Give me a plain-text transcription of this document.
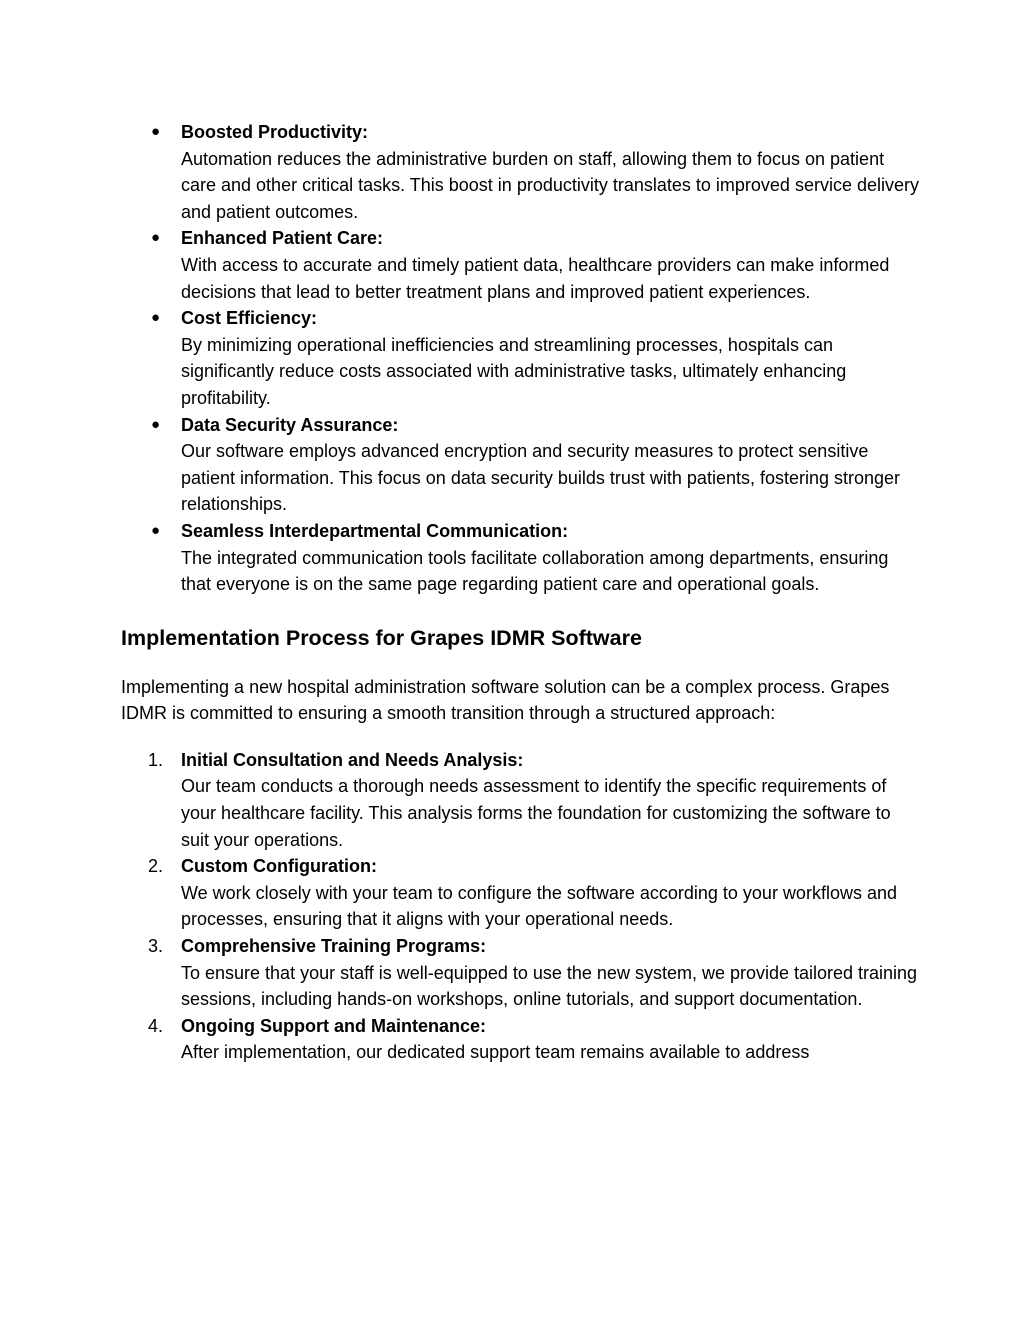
●	Boosted Productivity:
Automation reduces the administrative burden on staff, allowing them to focus on patient care and other critical tasks. This boost in productivity translates to improved service delivery and patient outcomes.
●	Enhanced Patient Care:
With access to accurate and timely patient data, healthcare providers can make informed decisions that lead to better treatment plans and improved patient experiences.
●	Cost Efficiency:
By minimizing operational inefficiencies and streamlining processes, hospitals can significantly reduce costs associated with administrative tasks, ultimately enhancing profitability.
●	Data Security Assurance:
Our software employs advanced encryption and security measures to protect sensitive patient information. This focus on data security builds trust with patients, fostering stronger relationships.
●	Seamless Interdepartmental Communication:
The integrated communication tools facilitate collaboration among departments, ensuring that everyone is on the same page regarding patient care and operational goals.
Implementation Process for Grapes IDMR Software

Implementing a new hospital administration software solution can be a complex process. Grapes IDMR is committed to ensuring a smooth transition through a structured approach:

1. Initial Consultation and Needs Analysis:
Our team conducts a thorough needs assessment to identify the specific requirements of your healthcare facility. This analysis forms the foundation for customizing the software to suit your operations.
2. Custom Configuration:
We work closely with your team to configure the software according to your workflows and processes, ensuring that it aligns with your operational needs.
3. Comprehensive Training Programs:
To ensure that your staff is well-equipped to use the new system, we provide tailored training sessions, including hands-on workshops, online tutorials, and support documentation.
4. Ongoing Support and Maintenance:
After implementation, our dedicated support team remains available to address
